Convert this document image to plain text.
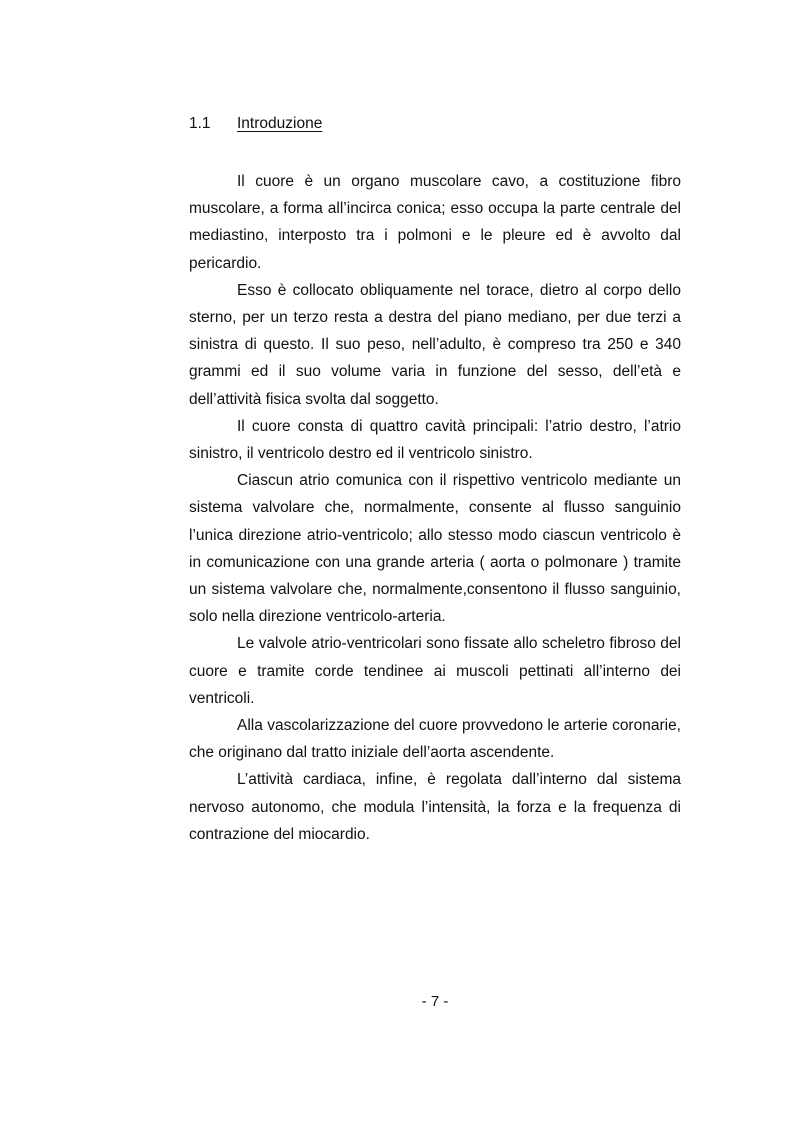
1.1 Introduzione

Il cuore è un organo muscolare cavo, a costituzione fibro muscolare, a forma all’incirca conica; esso occupa la parte centrale del mediastino, interposto tra i polmoni e le pleure ed è avvolto dal pericardio.

Esso è collocato obliquamente nel torace, dietro al corpo dello sterno, per un terzo resta a destra del piano mediano, per due terzi a sinistra di questo. Il suo peso, nell’adulto, è compreso tra 250 e 340 grammi ed il suo volume varia in funzione del sesso, dell’età e dell’attività fisica svolta dal soggetto.

Il cuore consta di quattro cavità principali: l’atrio destro, l’atrio sinistro, il ventricolo destro ed il ventricolo sinistro.

Ciascun atrio comunica con il rispettivo ventricolo mediante un sistema valvolare che, normalmente, consente al flusso sanguinio l’unica direzione atrio-ventricolo; allo stesso modo ciascun ventricolo è in comunicazione con una grande arteria ( aorta o polmonare ) tramite un sistema valvolare che, normalmente,consentono il flusso sanguinio, solo nella direzione ventricolo-arteria.

Le valvole atrio-ventricolari sono fissate allo scheletro fibroso del cuore e tramite corde tendinee ai muscoli pettinati all’interno dei ventricoli.

Alla vascolarizzazione del cuore provvedono le arterie coronarie, che originano dal tratto iniziale dell’aorta ascendente.

L’attività cardiaca, infine, è regolata dall’interno dal sistema nervoso autonomo, che modula l’intensità, la forza e la frequenza di contrazione del miocardio.

- 7 -
